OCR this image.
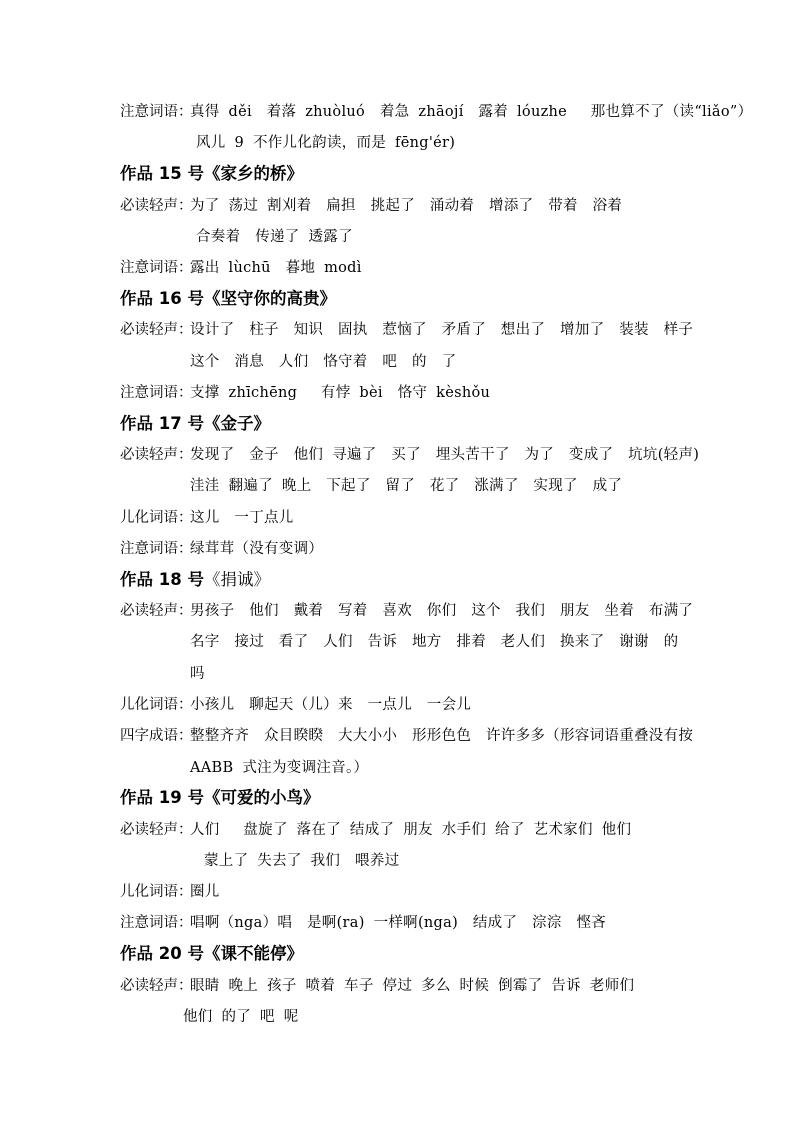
注意词语：真得 děi　着落 zhuòluó　着急 zhāojí　露着 lóuzhe　 那也算不了（读“liǎo”）
风儿 9 不作儿化韵读，而是 fēng'ér)
作品 15 号《家乡的桥》
必读轻声：为了 荡过 割刈着　扁担　挑起了　涌动着　增添了　带着　浴着
合奏着　传递了 透露了
注意词语：露出 lùchū　暮地 modì
作品 16 号《坚守你的高贵》
必读轻声：设计了　柱子　知识　固执　惹恼了　矛盾了　想出了　增加了　装装　样子
这个　消息　人们　恪守着　吧　的　了
注意词语：支撑 zhīchēng　 有悖 bèi　恪守 kèshǒu
作品 17 号《金子》
必读轻声：发现了　金子　他们 寻遍了　买了　埋头苦干了　为了　变成了　坑坑(轻声)
洼洼 翻遍了 晚上　下起了　留了　花了　涨满了　实现了　成了
儿化词语：这儿　一丁点儿
注意词语：绿茸茸（没有变调）
作品 18 号《捐诚》
必读轻声：男孩子　他们　戴着　写着　喜欢　你们　这个　我们　朋友　坐着　布满了
名字　接过　看了　人们　告诉　地方　排着　老人们　换来了　谢谢　的
吗
儿化词语：小孩儿　聊起天（儿）来　一点儿　一会儿
四字成语：整整齐齐　众目睽睽　大大小小　形形色色　许许多多（形容词语重叠没有按
AABB 式注为变调注音。）
作品 19 号《可爱的小鸟》
必读轻声：人们　 盘旋了 落在了 结成了 朋友 水手们 给了 艺术家们 他们
蒙上了 失去了 我们　喂养过
儿化词语：圈儿
注意词语：唱啊（nga）唱　是啊(ra) 一样啊(nga)　结成了　淙淙　悭吝
作品 20 号《课不能停》
必读轻声：眼睛 晚上 孩子 喷着 车子 停过 多么 时候 倒霉了 告诉 老师们
他们 的了 吧 呢
